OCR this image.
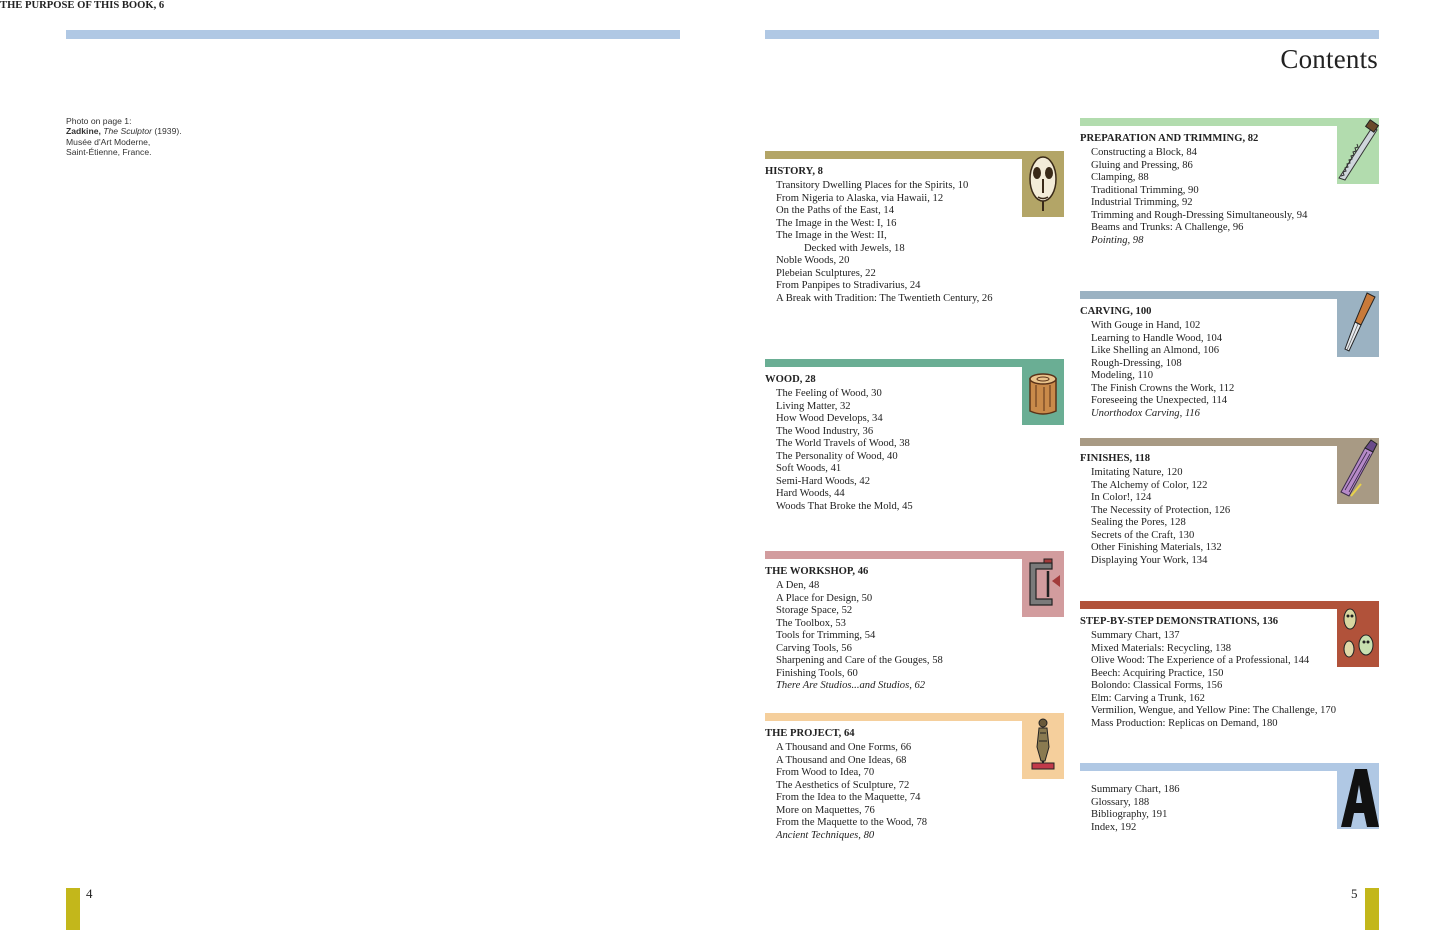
Photo on page 1:
Zadkine, The Sculptor (1939).
Musée d'Art Moderne,
Saint-Étienne, France.
Contents
THE PURPOSE OF THIS BOOK, 6
HISTORY, 8
Transitory Dwelling Places for the Spirits, 10
From Nigeria to Alaska, via Hawaii, 12
On the Paths of the East, 14
The Image in the West: I, 16
The Image in the West: II,
Decked with Jewels, 18
Noble Woods, 20
Plebeian Sculptures, 22
From Panpipes to Stradivarius, 24
A Break with Tradition: The Twentieth Century, 26
WOOD, 28
The Feeling of Wood, 30
Living Matter, 32
How Wood Develops, 34
The Wood Industry, 36
The World Travels of Wood, 38
The Personality of Wood, 40
Soft Woods, 41
Semi-Hard Woods, 42
Hard Woods, 44
Woods That Broke the Mold, 45
THE WORKSHOP, 46
A Den, 48
A Place for Design, 50
Storage Space, 52
The Toolbox, 53
Tools for Trimming, 54
Carving Tools, 56
Sharpening and Care of the Gouges, 58
Finishing Tools, 60
There Are Studios...and Studios, 62
THE PROJECT, 64
A Thousand and One Forms, 66
A Thousand and One Ideas, 68
From Wood to Idea, 70
The Aesthetics of Sculpture, 72
From the Idea to the Maquette, 74
More on Maquettes, 76
From the Maquette to the Wood, 78
Ancient Techniques, 80
PREPARATION AND TRIMMING, 82
Constructing a Block, 84
Gluing and Pressing, 86
Clamping, 88
Traditional Trimming, 90
Industrial Trimming, 92
Trimming and Rough-Dressing Simultaneously, 94
Beams and Trunks: A Challenge, 96
Pointing, 98
CARVING, 100
With Gouge in Hand, 102
Learning to Handle Wood, 104
Like Shelling an Almond, 106
Rough-Dressing, 108
Modeling, 110
The Finish Crowns the Work, 112
Foreseeing the Unexpected, 114
Unorthodox Carving, 116
FINISHES, 118
Imitating Nature, 120
The Alchemy of Color, 122
In Color!, 124
The Necessity of Protection, 126
Sealing the Pores, 128
Secrets of the Craft, 130
Other Finishing Materials, 132
Displaying Your Work, 134
STEP-BY-STEP DEMONSTRATIONS, 136
Summary Chart, 137
Mixed Materials: Recycling, 138
Olive Wood: The Experience of a Professional, 144
Beech: Acquiring Practice, 150
Bolondo: Classical Forms, 156
Elm: Carving a Trunk, 162
Vermilion, Wengue, and Yellow Pine: The Challenge, 170
Mass Production: Replicas on Demand, 180
Summary Chart, 186
Glossary, 188
Bibliography, 191
Index, 192
4	5
